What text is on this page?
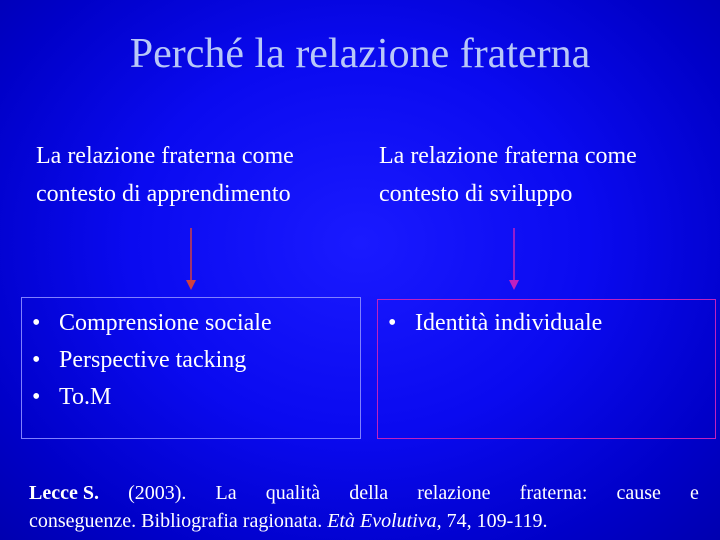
Perché la relazione fraterna
La relazione fraterna come
contesto di apprendimento
La relazione fraterna come
contesto di sviluppo
• Comprensione sociale
• Perspective tacking
• To.M
• Identità individuale
Lecce S. (2003). La qualità della relazione fraterna: cause e
conseguenze. Bibliografia ragionata. Età Evolutiva, 74, 109-119.
